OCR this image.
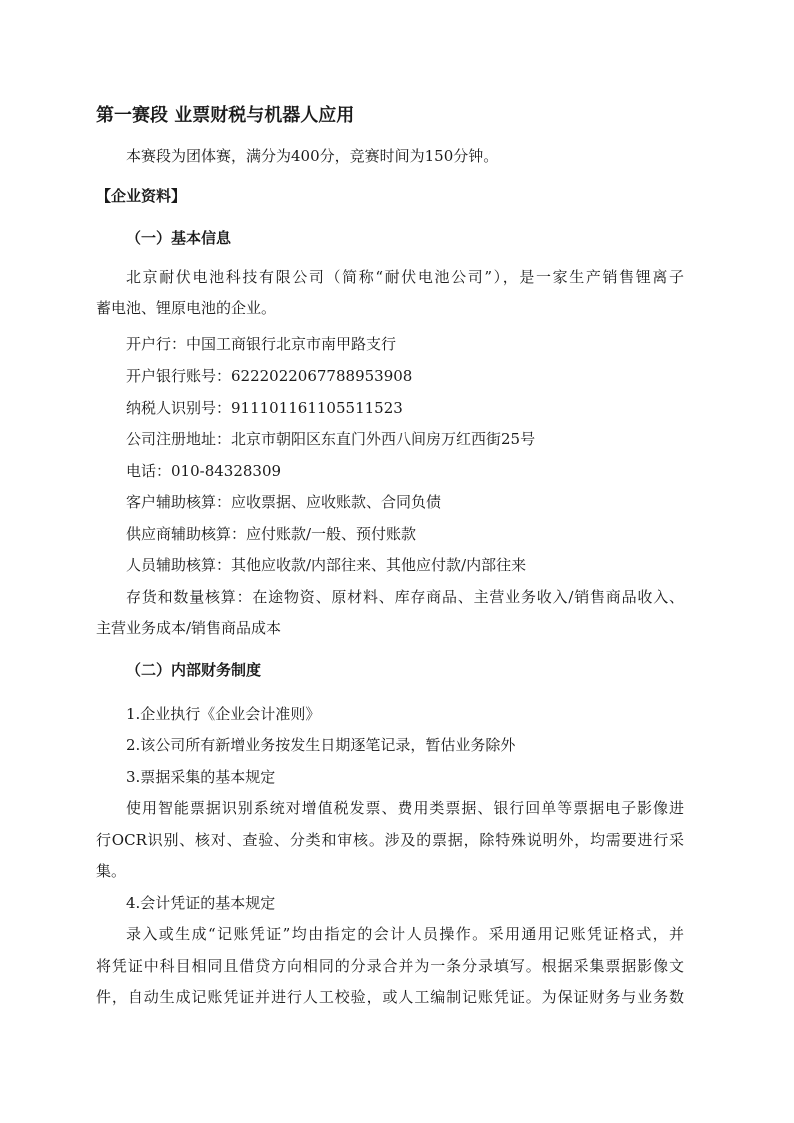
第一赛段 业票财税与机器人应用
本赛段为团体赛，满分为400分，竞赛时间为150分钟。
【企业资料】
（一）基本信息
北京耐伏电池科技有限公司（简称“耐伏电池公司”），是一家生产销售锂离子
蓄电池、锂原电池的企业。
开户行：中国工商银行北京市南甲路支行
开户银行账号：6222022067788953908
纳税人识别号：911101161105511523
公司注册地址：北京市朝阳区东直门外西八间房万红西街25号
电话：010-84328309
客户辅助核算：应收票据、应收账款、合同负债
供应商辅助核算：应付账款/一般、预付账款
人员辅助核算：其他应收款/内部往来、其他应付款/内部往来
存货和数量核算：在途物资、原材料、库存商品、主营业务收入/销售商品收入、
主营业务成本/销售商品成本
（二）内部财务制度
1.企业执行《企业会计准则》
2.该公司所有新增业务按发生日期逐笔记录，暂估业务除外
3.票据采集的基本规定
使用智能票据识别系统对增值税发票、费用类票据、银行回单等票据电子影像进
行OCR识别、核对、查验、分类和审核。涉及的票据，除特殊说明外，均需要进行采
集。
4.会计凭证的基本规定
录入或生成“记账凭证”均由指定的会计人员操作。采用通用记账凭证格式，并
将凭证中科目相同且借贷方向相同的分录合并为一条分录填写。根据采集票据影像文
件，自动生成记账凭证并进行人工校验，或人工编制记账凭证。为保证财务与业务数
